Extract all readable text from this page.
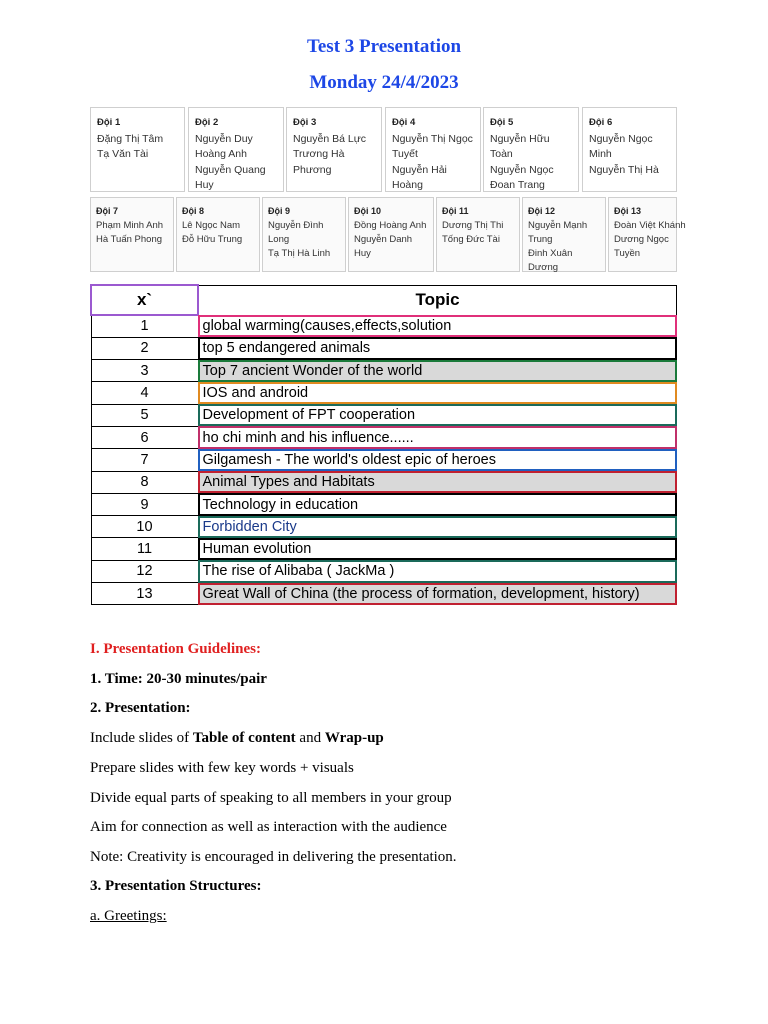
Test 3 Presentation
Monday 24/4/2023
Đội 1
Đặng Thị Tâm
Tạ Văn Tài
Đội 2
Nguyễn Duy
Hoàng Anh
Nguyễn Quang
Huy
Đội 3
Nguyễn Bá Lực
Trương Hà
Phương
Đội 4
Nguyễn Thị Ngọc
Tuyết
Nguyễn Hải
Hoàng
Đội 5
Nguyễn Hữu Toàn
Nguyễn Ngọc
Đoan Trang
Đội 6
Nguyễn Ngọc
Minh
Nguyễn Thị Hà
Đội 7
Phạm Minh Anh
Hà Tuấn Phong
Đội 8
Lê Ngọc Nam
Đỗ Hữu Trung
Đội 9
Nguyễn Đình Long
Tạ Thị Hà Linh
Đội 10
Đồng Hoàng Anh
Nguyễn Danh Huy
Đội 11
Dương Thị Thi
Tống Đức Tài
Đội 12
Nguyễn Mạnh
Trung
Đinh Xuân Dương
Đội 13
Đoàn Việt Khánh
Dương Ngọc
Tuyền
x`	Topic
1	global warming(causes,effects,solution
2	top 5 endangered animals
3	Top 7 ancient Wonder of the world
4	IOS and android
5	Development of FPT cooperation
6	ho chi minh and his influence......
7	Gilgamesh - The world's oldest epic of heroes
8	Animal Types and Habitats
9	Technology in education
10	Forbidden City
11	Human evolution
12	The rise of Alibaba ( JackMa )
13	Great Wall of China (the process of formation, development, history)
I. Presentation Guidelines:
1. Time: 20-30 minutes/pair
2. Presentation:
Include slides of Table of content and Wrap-up
Prepare slides with few key words + visuals
Divide equal parts of speaking to all members in your group
Aim for connection as well as interaction with the audience
Note: Creativity is encouraged in delivering the presentation.
3. Presentation Structures:
a. Greetings:
